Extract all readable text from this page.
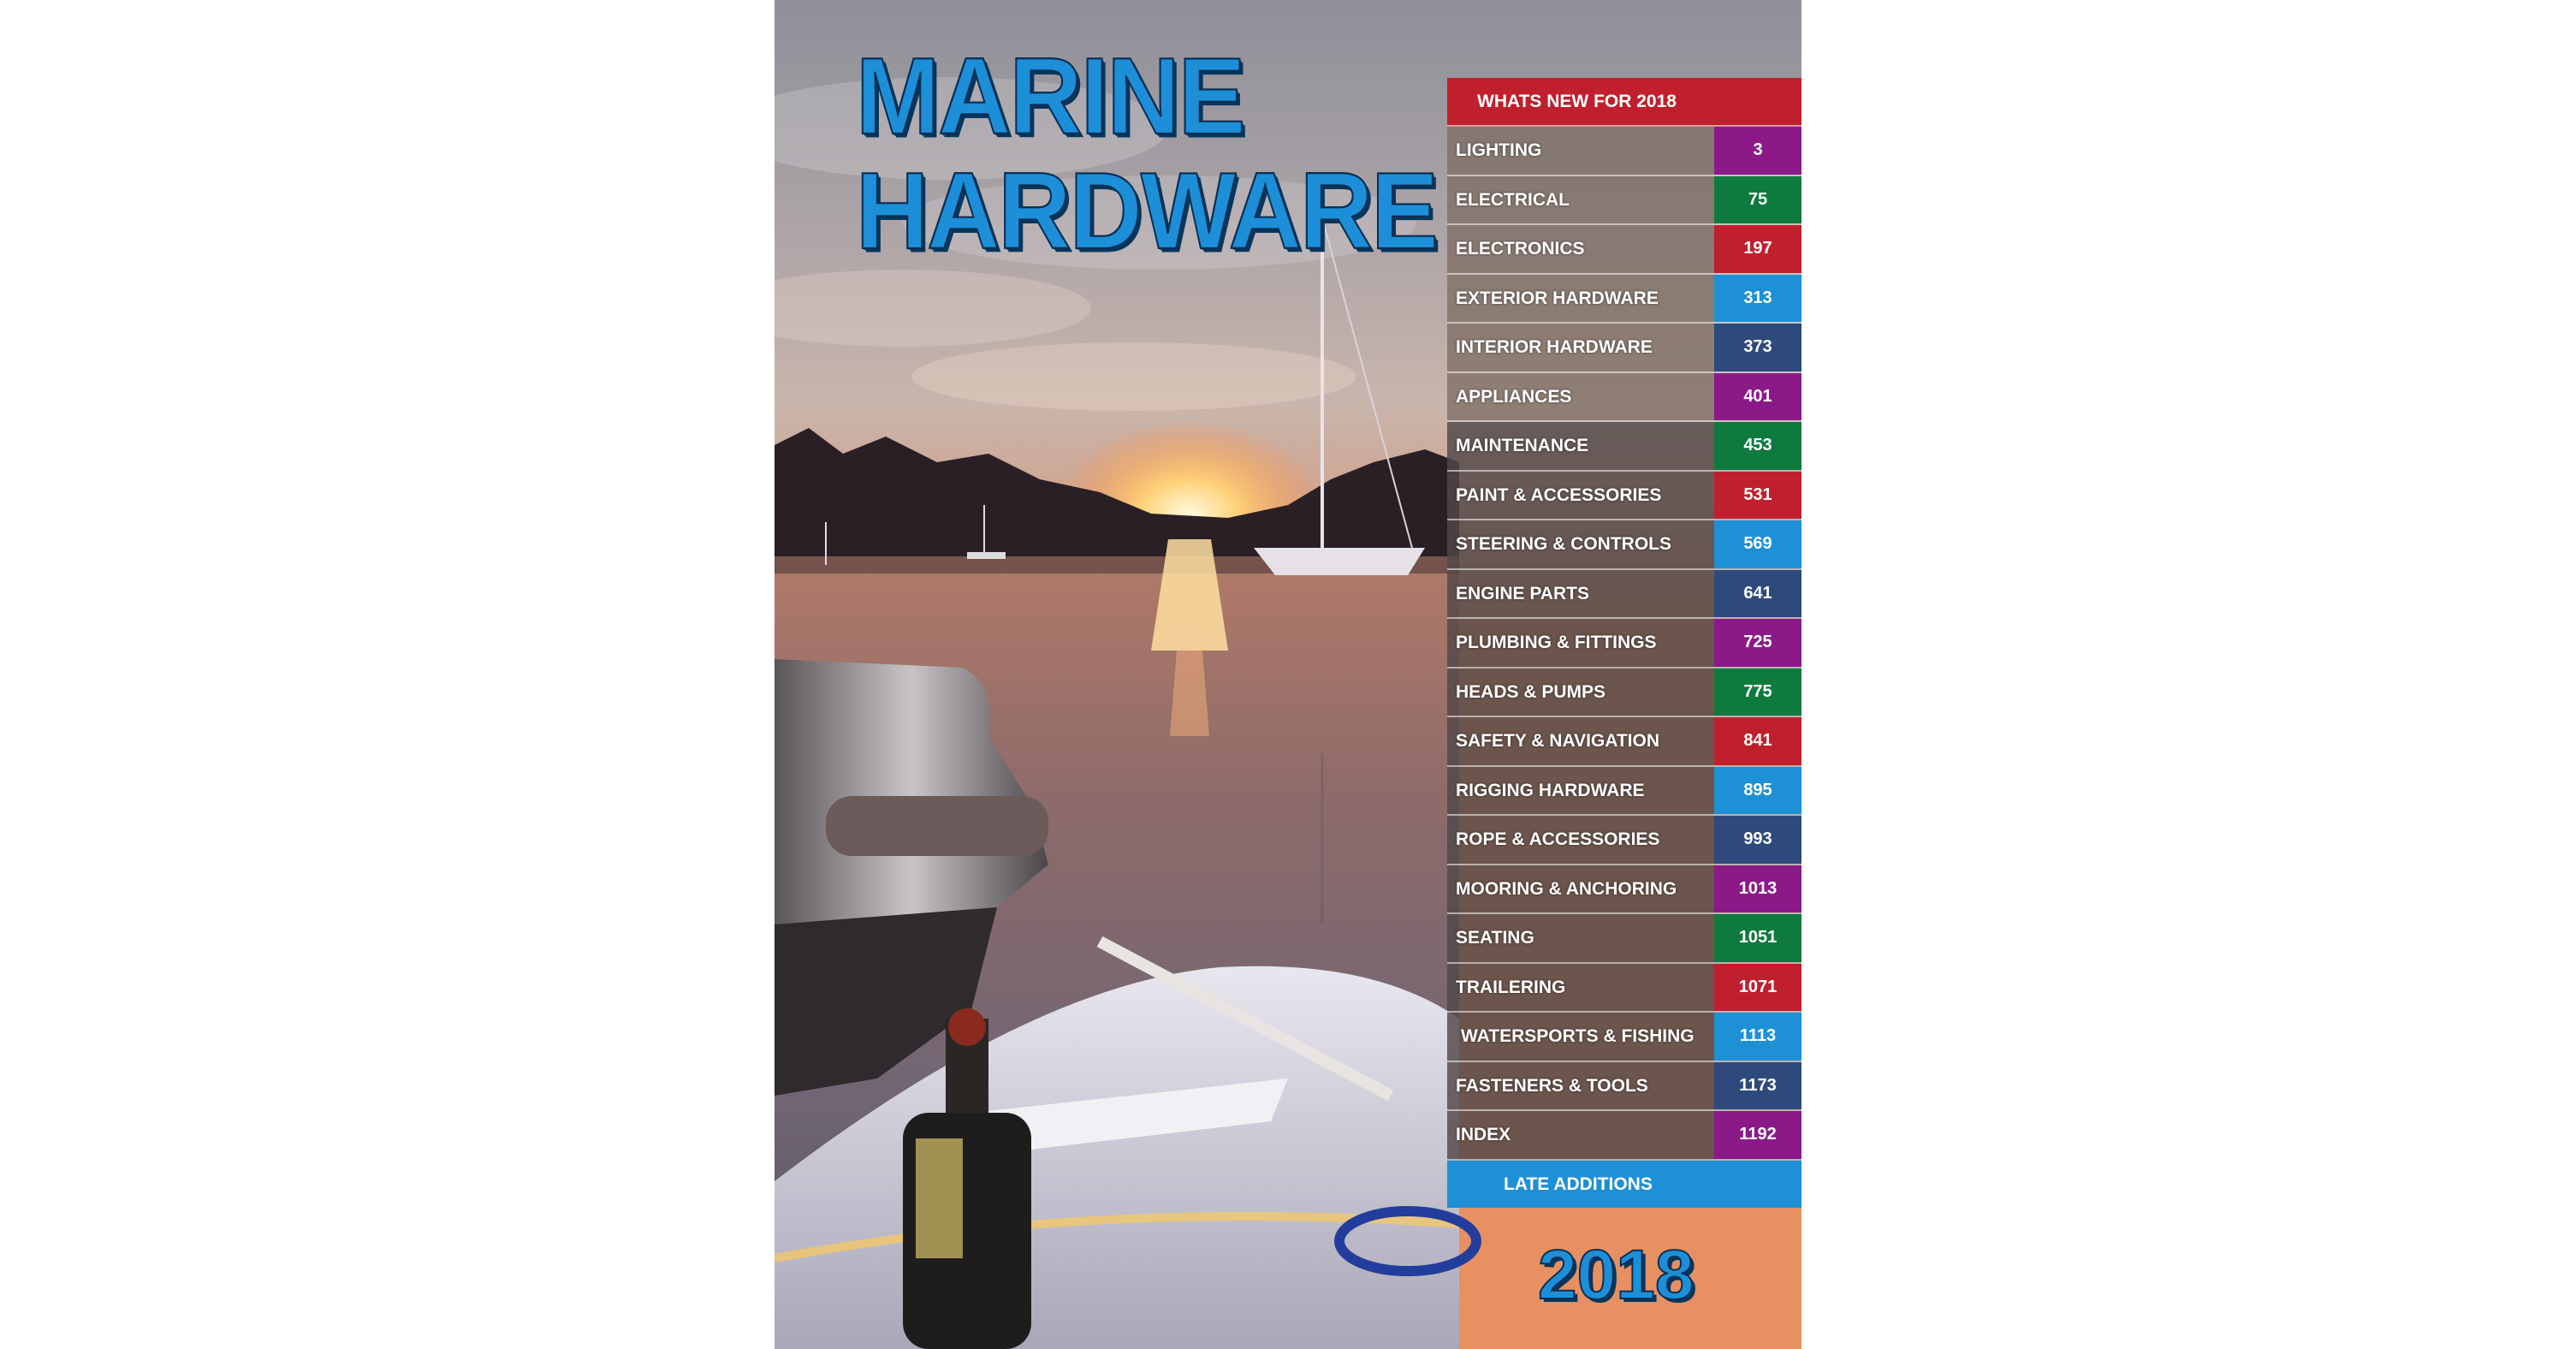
MARINE
HARDWARE
WHATS NEW FOR 2018
LIGHTING	3
ELECTRICAL	75
ELECTRONICS	197
EXTERIOR HARDWARE	313
INTERIOR HARDWARE	373
APPLIANCES	401
MAINTENANCE	453
PAINT & ACCESSORIES	531
STEERING & CONTROLS	569
ENGINE PARTS	641
PLUMBING & FITTINGS	725
HEADS & PUMPS	775
SAFETY & NAVIGATION	841
RIGGING HARDWARE	895
ROPE & ACCESSORIES	993
MOORING & ANCHORING	1013
SEATING	1051
TRAILERING	1071
WATERSPORTS & FISHING	1113
FASTENERS & TOOLS	1173
INDEX	1192
LATE ADDITIONS
2018
